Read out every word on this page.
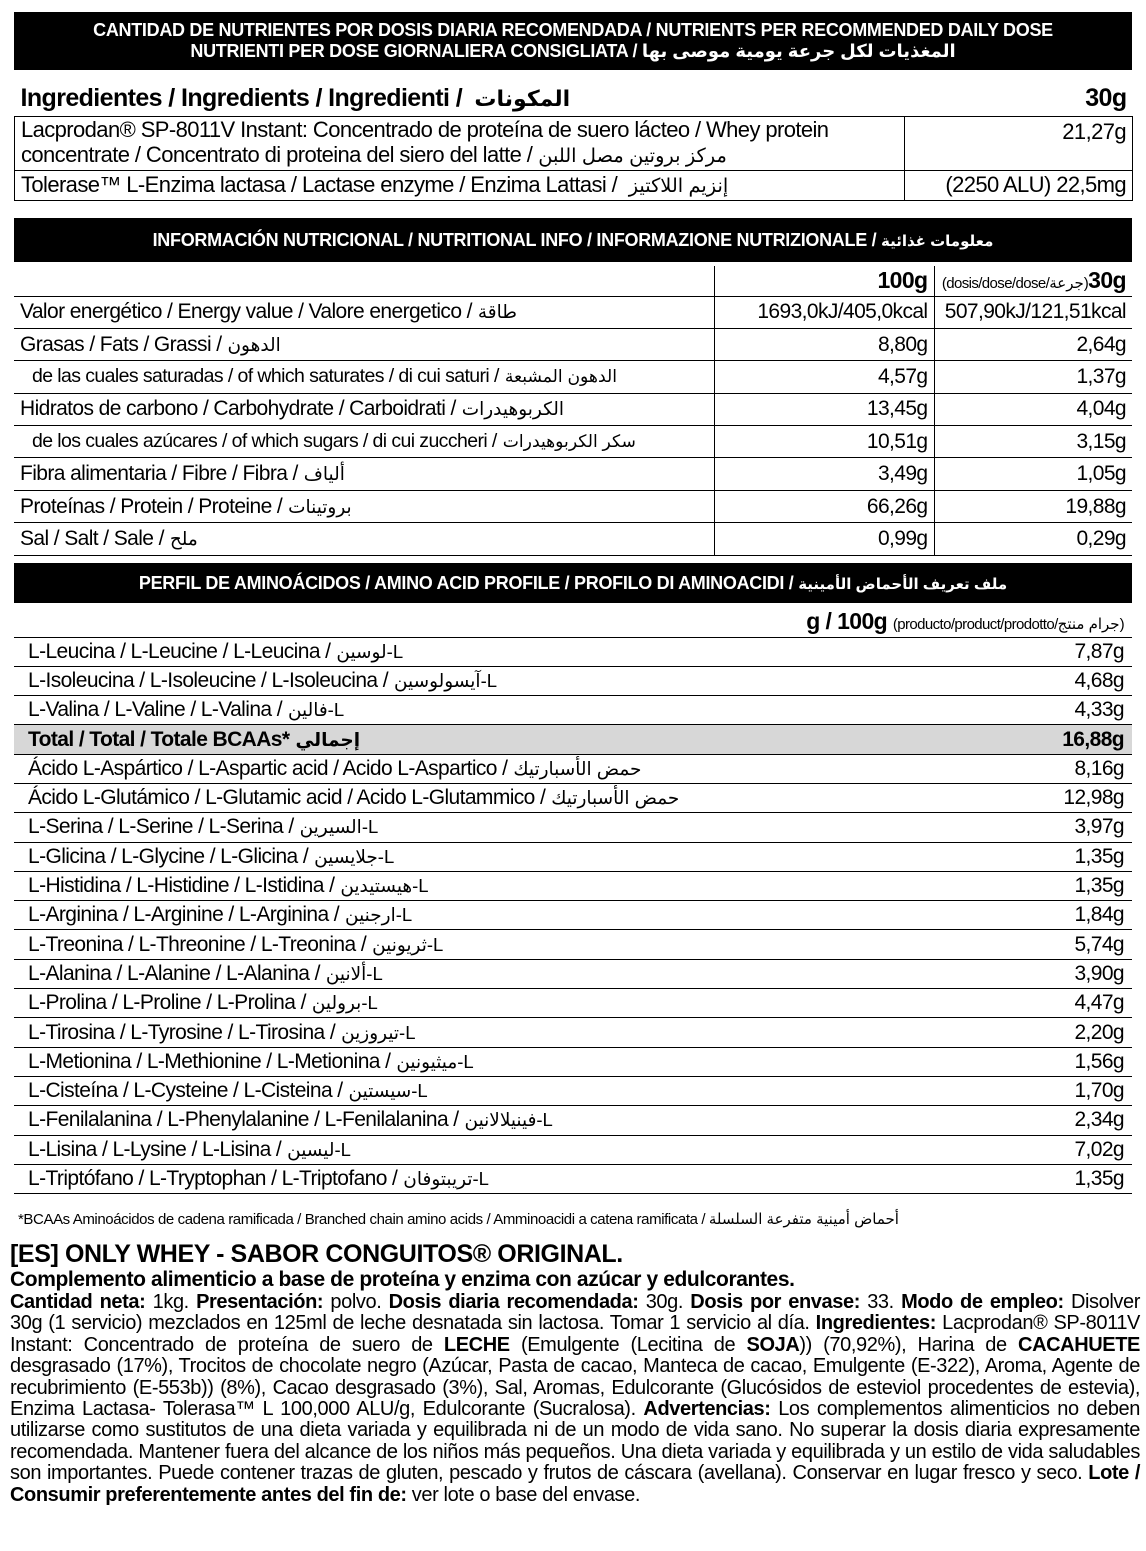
CANTIDAD DE NUTRIENTES POR DOSIS DIARIA RECOMENDADA / NUTRIENTS PER RECOMMENDED DAILY DOSE
NUTRIENTI PER DOSE GIORNALIERA CONSIGLIATA / المغذيات لكل جرعة يومية موصى بها
Ingredientes / Ingredients / Ingredienti / المكونات	30g

Lacprodan® SP-8011V Instant: Concentrado de proteína de suero lácteo / Whey protein
concentrate / Concentrato di proteina del siero del latte / مركز بروتين مصل اللبن	21,27g
Tolerase™ L-Enzima lactasa / Lactase enzyme / Enzima Lattasi / إنزيم اللاكتيز	(2250 ALU) 22,5mg
INFORMACIÓN NUTRICIONAL / NUTRITIONAL INFO / INFORMAZIONE NUTRIZIONALE / معلومات غذائية
	100g	(dosis/dose/dose/جرعة)30g
Valor energético / Energy value / Valore energetico / طاقة	1693,0kJ/405,0kcal	507,90kJ/121,51kcal
Grasas / Fats / Grassi / الدهون	8,80g	2,64g
de las cuales saturadas / of which saturates / di cui saturi / الدهون المشبعة	4,57g	1,37g
Hidratos de carbono / Carbohydrate / Carboidrati / الكربوهيدرات	13,45g	4,04g
de los cuales azúcares / of which sugars / di cui zuccheri / سكر الكربوهيدرات	10,51g	3,15g
Fibra alimentaria / Fibre / Fibra / ألياف	3,49g	1,05g
Proteínas / Protein / Proteine / بروتينات	66,26g	19,88g
Sal / Salt / Sale / ملح	0,99g	0,29g
PERFIL DE AMINOÁCIDOS / AMINO ACID PROFILE / PROFILO DI AMINOACIDI / ملف تعريف الأحماض الأمينية
g / 100g (producto/product/prodotto/جرام منتج)	
L-Leucina / L-Leucine / L-Leucina / لوسين-L	7,87g
L-Isoleucina / L-Isoleucine / L-Isoleucina / آيسولوسين-L	4,68g
L-Valina / L-Valine / L-Valina / فالين-L	4,33g
Total / Total / Totale BCAAs* إجمالي	16,88g
Ácido L-Aspártico / L-Aspartic acid / Acido L-Aspartico / حمض الأسبارتيك	8,16g
Ácido L-Glutámico / L-Glutamic acid / Acido L-Glutammico / حمض الأسبارتيك	12,98g
L-Serina / L-Serine / L-Serina / السيرين-L	3,97g
L-Glicina / L-Glycine / L-Glicina / جلايسين-L	1,35g
L-Histidina / L-Histidine / L-Istidina / هيستيدين-L	1,35g
L-Arginina / L-Arginine / L-Arginina / ارجنين-L	1,84g
L-Treonina / L-Threonine / L-Treonina / ثريونين-L	5,74g
L-Alanina / L-Alanine / L-Alanina / ألانين-L	3,90g
L-Prolina / L-Proline / L-Prolina / برولين-L	4,47g
L-Tirosina / L-Tyrosine / L-Tirosina / تيروزين-L	2,20g
L-Metionina / L-Methionine / L-Metionina / ميثيونين-L	1,56g
L-Cisteína / L-Cysteine / L-Cisteina / سيستين-L	1,70g
L-Fenilalanina / L-Phenylalanine / L-Fenilalanina / فينيلالانين-L	2,34g
L-Lisina / L-Lysine / L-Lisina / ليسين-L	7,02g
L-Triptófano / L-Tryptophan / L-Triptofano / تريبتوفان-L	1,35g
*BCAAs Aminoácidos de cadena ramificada / Branched chain amino acids / Amminoacidi a catena ramificata / أحماض أمينية متفرعة السلسلة
[ES] ONLY WHEY - SABOR CONGUITOS® ORIGINAL.
Complemento alimenticio a base de proteína y enzima con azúcar y edulcorantes.
Cantidad neta: 1kg. Presentación: polvo. Dosis diaria recomendada: 30g. Dosis por envase: 33. Modo de empleo: Disolver 30g (1 servicio) mezclados en 125ml de leche desnatada sin lactosa. Tomar 1 servicio al día. Ingredientes: Lacprodan® SP-8011V Instant: Concentrado de proteína de suero de LECHE (Emulgente (Lecitina de SOJA)) (70,92%), Harina de CACAHUETE desgrasado (17%), Trocitos de chocolate negro (Azúcar, Pasta de cacao, Manteca de cacao, Emulgente (E-322), Aroma, Agente de recubrimiento (E-553b)) (8%), Cacao desgrasado (3%), Sal, Aromas, Edulcorante (Glucósidos de esteviol procedentes de estevia), Enzima Lactasa- Tolerasa™ L 100,000 ALU/g, Edulcorante (Sucralosa). Advertencias: Los complementos alimenticios no deben utilizarse como sustitutos de una dieta variada y equilibrada ni de un modo de vida sano. No superar la dosis diaria expresamente recomendada. Mantener fuera del alcance de los niños más pequeños. Una dieta variada y equilibrada y un estilo de vida saludables son importantes. Puede contener trazas de gluten, pescado y frutos de cáscara (avellana). Conservar en lugar fresco y seco. Lote / Consumir preferentemente antes del fin de: ver lote o base del envase.
